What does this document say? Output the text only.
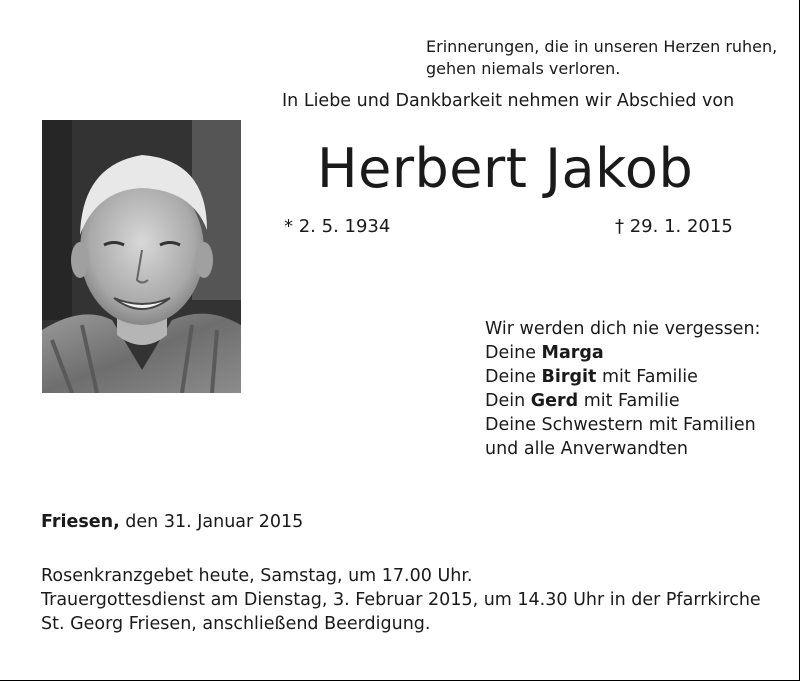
Erinnerungen, die in unseren Herzen ruhen,
gehen niemals verloren.
In Liebe und Dankbarkeit nehmen wir Abschied von
Herbert Jakob
* 2. 5. 1934	† 29. 1. 2015
Wir werden dich nie vergessen:
Deine Marga
Deine Birgit mit Familie
Dein Gerd mit Familie
Deine Schwestern mit Familien
und alle Anverwandten
Friesen, den 31. Januar 2015
Rosenkranzgebet heute, Samstag, um 17.00 Uhr.
Trauergottesdienst am Dienstag, 3. Februar 2015, um 14.30 Uhr in der Pfarrkirche
St. Georg Friesen, anschließend Beerdigung.
